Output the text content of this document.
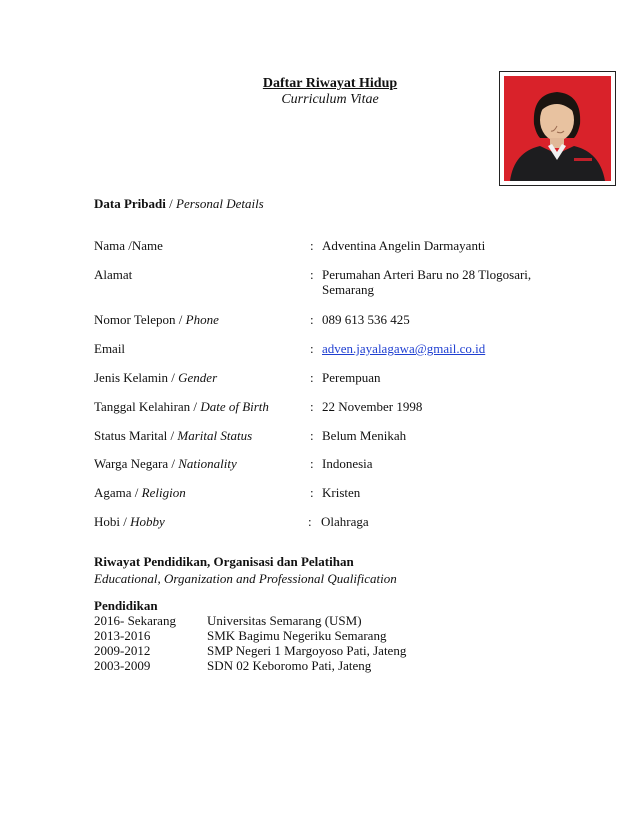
Daftar Riwayat Hidup
Curriculum Vitae
Data Pribadi / Personal Details
Nama /Name	: Adventina Angelin Darmayanti
Alamat	: Perumahan Arteri Baru no 28 Tlogosari,
Semarang
Nomor Telepon / Phone	: 089 613 536 425
Email	: adven.jayalagawa@gmail.co.id
Jenis Kelamin / Gender	: Perempuan
Tanggal Kelahiran / Date of Birth	: 22 November 1998
Status Marital / Marital Status	: Belum Menikah
Warga Negara / Nationality	: Indonesia
Agama / Religion	: Kristen
Hobi / Hobby	: Olahraga
Riwayat Pendidikan, Organisasi dan Pelatihan
Educational, Organization and Professional Qualification
Pendidikan
2016- Sekarang Universitas Semarang (USM)
2013-2016	SMK Bagimu Negeriku Semarang
2009-2012	SMP Negeri 1 Margoyoso Pati, Jateng
2003-2009	SDN 02 Keboromo Pati, Jateng
